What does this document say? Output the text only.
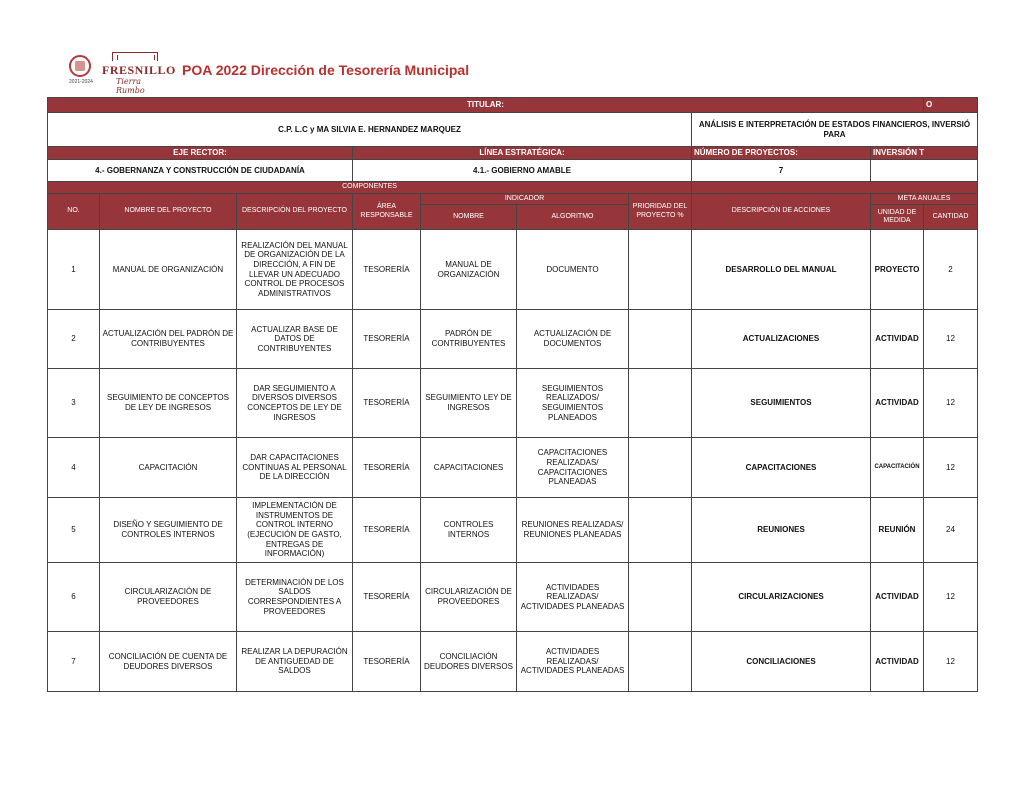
2021-2024
FRESNILLO
Tierra Rumbo
POA 2022 Dirección de Tesorería Municipal
TITULAR:									O
C.P. L.C y MA SILVIA E. HERNANDEZ MARQUEZ							ANÁLISIS E INTERPRETACIÓN DE ESTADOS FINANCIEROS, INVERSIÓ PARA		
EJE RECTOR:			LÍNEA ESTRATÉGICA:				NÚMERO DE PROYECTOS:	INVERSIÓN T	
4.- GOBERNANZA Y CONSTRUCCIÓN DE CIUDADANÍA			4.1.- GOBIERNO AMABLE				7		
COMPONENTES									
NO.	NOMBRE DEL PROYECTO	DESCRIPCIÓN DEL PROYECTO	ÁREA RESPONSABLE	INDICADOR		PRIORIDAD DEL PROYECTO %	DESCRIPCIÓN DE ACCIONES	META ANUALES	
				NOMBRE	ALGORITMO			UNIDAD DE MEDIDA	CANTIDAD
1	MANUAL DE ORGANIZACIÓN	REALIZACIÓN DEL MANUAL DE ORGANIZACIÓN DE LA DIRECCIÓN, A FIN DE LLEVAR UN ADECUADO CONTROL DE PROCESOS ADMINISTRATIVOS	TESORERÍA	MANUAL DE ORGANIZACIÓN	DOCUMENTO		DESARROLLO DEL MANUAL	PROYECTO	2
2	ACTUALIZACIÓN DEL PADRÓN DE CONTRIBUYENTES	ACTUALIZAR BASE DE DATOS DE CONTRIBUYENTES	TESORERÍA	PADRÓN DE CONTRIBUYENTES	ACTUALIZACIÓN DE DOCUMENTOS		ACTUALIZACIONES	ACTIVIDAD	12
3	SEGUIMIENTO DE CONCEPTOS DE LEY DE INGRESOS	DAR SEGUIMIENTO A DIVERSOS DIVERSOS CONCEPTOS DE LEY DE INGRESOS	TESORERÍA	SEGUIMIENTO LEY DE INGRESOS	SEGUIMIENTOS REALIZADOS/ SEGUIMIENTOS PLANEADOS		SEGUIMIENTOS	ACTIVIDAD	12
4	CAPACITACIÓN	DAR CAPACITACIONES CONTINUAS AL PERSONAL DE LA DIRECCIÓN	TESORERÍA	CAPACITACIONES	CAPACITACIONES REALIZADAS/ CAPACITACIONES PLANEADAS		CAPACITACIONES	CAPACITACIÓN	12
5	DISEÑO Y SEGUIMIENTO DE CONTROLES INTERNOS	IMPLEMENTACIÓN DE INSTRUMENTOS DE CONTROL INTERNO (EJECUCIÓN DE GASTO, ENTREGAS DE INFORMACIÓN)	TESORERÍA	CONTROLES INTERNOS	REUNIONES REALIZADAS/ REUNIONES PLANEADAS		REUNIONES	REUNIÓN	24
6	CIRCULARIZACIÓN DE PROVEEDORES	DETERMINACIÓN DE LOS SALDOS CORRESPONDIENTES A PROVEEDORES	TESORERÍA	CIRCULARIZACIÓN DE PROVEEDORES	ACTIVIDADES REALIZADAS/ ACTIVIDADES PLANEADAS		CIRCULARIZACIONES	ACTIVIDAD	12
7	CONCILIACIÓN DE CUENTA DE DEUDORES DIVERSOS	REALIZAR LA DEPURACIÓN DE ANTIGUEDAD DE SALDOS	TESORERÍA	CONCILIACIÓN DEUDORES DIVERSOS	ACTIVIDADES REALIZADAS/ ACTIVIDADES PLANEADAS		CONCILIACIONES	ACTIVIDAD	12
